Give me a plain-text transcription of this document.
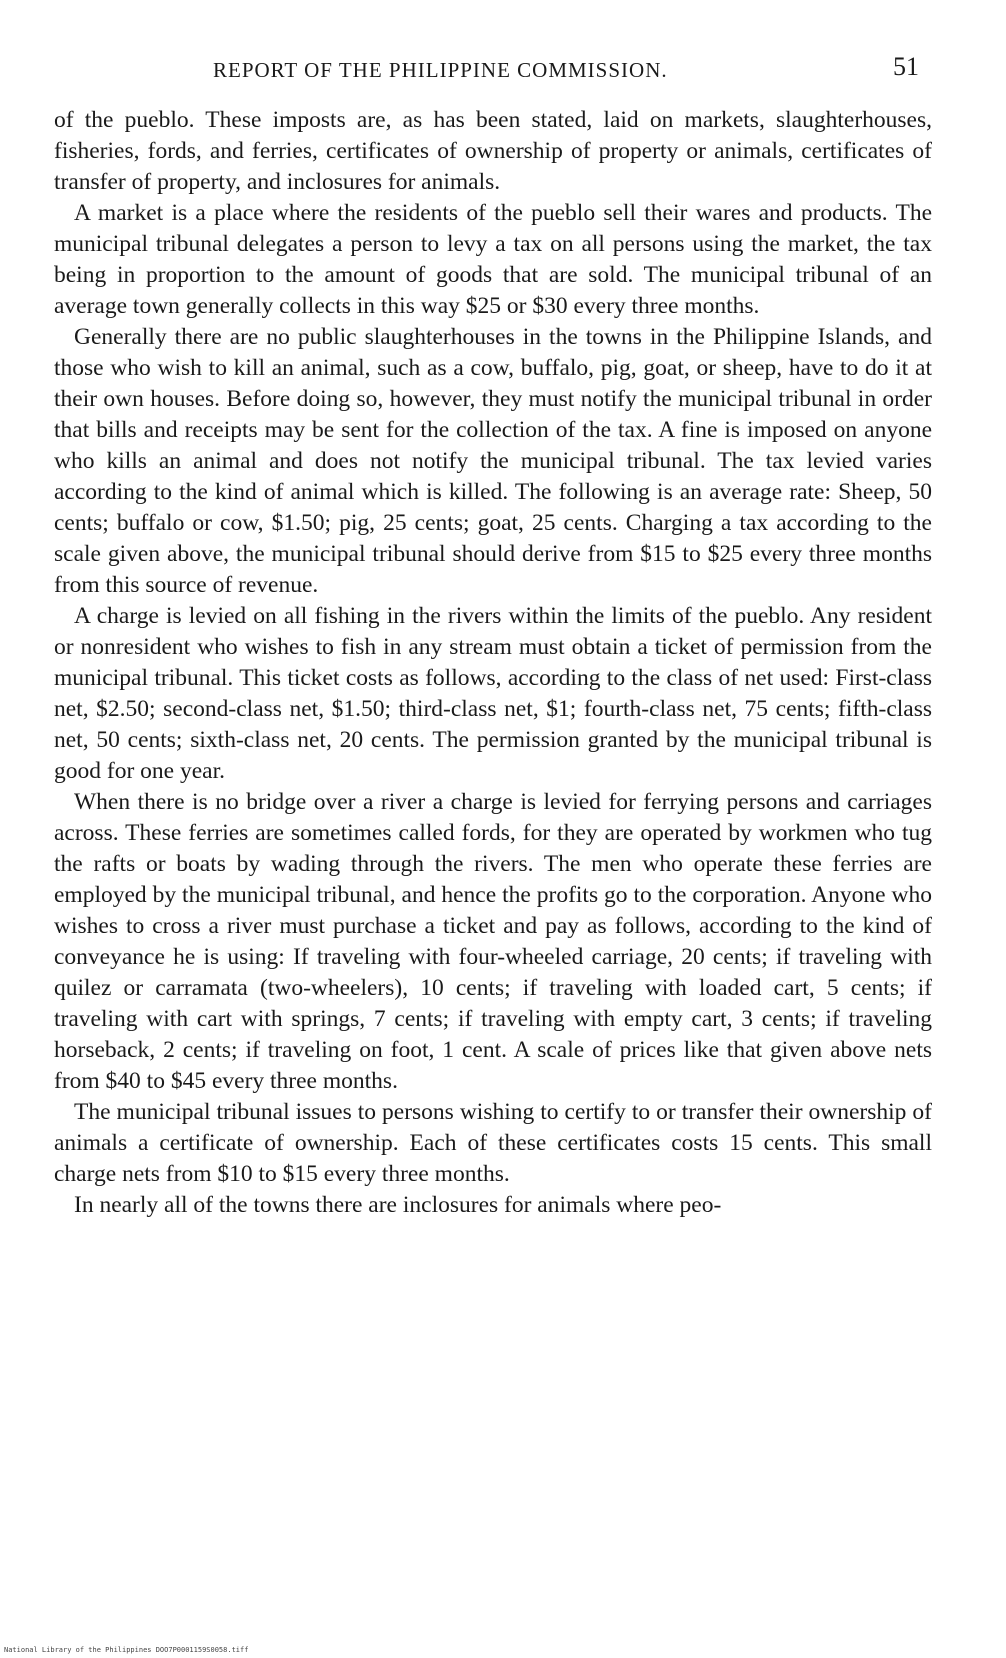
REPORT OF THE PHILIPPINE COMMISSION.	51

of the pueblo. These imposts are, as has been stated, laid on markets, slaughterhouses, fisheries, fords, and ferries, certificates of ownership of property or animals, certificates of transfer of property, and inclosures for animals.

A market is a place where the residents of the pueblo sell their wares and products. The municipal tribunal delegates a person to levy a tax on all persons using the market, the tax being in proportion to the amount of goods that are sold. The municipal tribunal of an average town generally collects in this way $25 or $30 every three months.

Generally there are no public slaughterhouses in the towns in the Philippine Islands, and those who wish to kill an animal, such as a cow, buffalo, pig, goat, or sheep, have to do it at their own houses. Before doing so, however, they must notify the municipal tribunal in order that bills and receipts may be sent for the collection of the tax. A fine is imposed on anyone who kills an animal and does not notify the municipal tribunal. The tax levied varies according to the kind of animal which is killed. The following is an average rate: Sheep, 50 cents; buffalo or cow, $1.50; pig, 25 cents; goat, 25 cents. Charging a tax according to the scale given above, the municipal tribunal should derive from $15 to $25 every three months from this source of revenue.

A charge is levied on all fishing in the rivers within the limits of the pueblo. Any resident or nonresident who wishes to fish in any stream must obtain a ticket of permission from the municipal tribunal. This ticket costs as follows, according to the class of net used: First-class net, $2.50; second-class net, $1.50; third-class net, $1; fourth-class net, 75 cents; fifth-class net, 50 cents; sixth-class net, 20 cents. The permission granted by the municipal tribunal is good for one year.

When there is no bridge over a river a charge is levied for ferrying persons and carriages across. These ferries are sometimes called fords, for they are operated by workmen who tug the rafts or boats by wading through the rivers. The men who operate these ferries are employed by the municipal tribunal, and hence the profits go to the corporation. Anyone who wishes to cross a river must purchase a ticket and pay as follows, according to the kind of conveyance he is using: If traveling with four-wheeled carriage, 20 cents; if traveling with quilez or carramata (two-wheelers), 10 cents; if traveling with loaded cart, 5 cents; if traveling with cart with springs, 7 cents; if traveling with empty cart, 3 cents; if traveling horseback, 2 cents; if traveling on foot, 1 cent. A scale of prices like that given above nets from $40 to $45 every three months.

The municipal tribunal issues to persons wishing to certify to or transfer their ownership of animals a certificate of ownership. Each of these certificates costs 15 cents. This small charge nets from $10 to $15 every three months.

In nearly all of the towns there are inclosures for animals where peo-

National Library of the Philippines DOO7P0001159S0058.tiff
